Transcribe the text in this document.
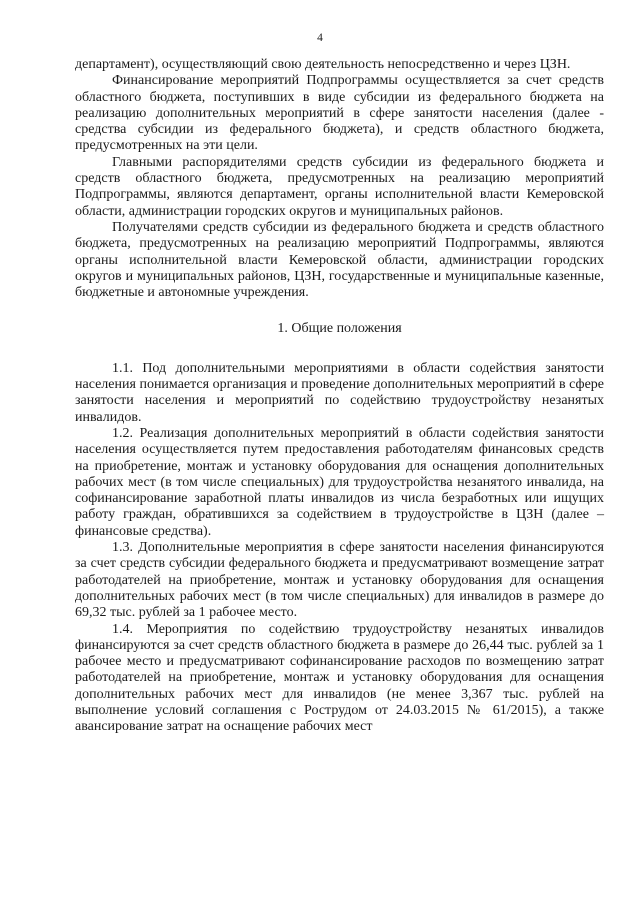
4

департамент), осуществляющий свою деятельность непосредственно и через ЦЗН.

Финансирование мероприятий Подпрограммы осуществляется за счет средств областного бюджета, поступивших в виде субсидии из федерального бюджета на реализацию дополнительных мероприятий в сфере занятости населения (далее - средства субсидии из федерального бюджета), и средств областного бюджета, предусмотренных на эти цели.

Главными распорядителями средств субсидии из федерального бюджета и средств областного бюджета, предусмотренных на реализацию мероприятий Подпрограммы, являются департамент, органы исполнительной власти Кемеровской области, администрации городских округов и муниципальных районов.

Получателями средств субсидии из федерального бюджета и средств областного бюджета, предусмотренных на реализацию мероприятий Подпрограммы, являются органы исполнительной власти Кемеровской области, администрации городских округов и муниципальных районов, ЦЗН, государственные и муниципальные казенные, бюджетные и автономные учреждения.

1. Общие положения

1.1. Под дополнительными мероприятиями в области содействия занятости населения понимается организация и проведение дополнительных мероприятий в сфере занятости населения и мероприятий по содействию трудоустройству незанятых инвалидов.

1.2. Реализация дополнительных мероприятий в области содействия занятости населения осуществляется путем предоставления работодателям финансовых средств на приобретение, монтаж и установку оборудования для оснащения дополнительных рабочих мест (в том числе специальных) для трудоустройства незанятого инвалида, на софинансирование заработной платы инвалидов из числа безработных или ищущих работу граждан, обратившихся за содействием в трудоустройстве в ЦЗН (далее – финансовые средства).

1.3. Дополнительные мероприятия в сфере занятости населения финансируются за счет средств субсидии федерального бюджета и предусматривают возмещение затрат работодателей на приобретение, монтаж и установку оборудования для оснащения дополнительных рабочих мест (в том числе специальных) для инвалидов в размере до 69,32 тыс. рублей за 1 рабочее место.

1.4. Мероприятия по содействию трудоустройству незанятых инвалидов финансируются за счет средств областного бюджета в размере до 26,44 тыс. рублей за 1 рабочее место и предусматривают софинансирование расходов по возмещению затрат работодателей на приобретение, монтаж и установку оборудования для оснащения дополнительных рабочих мест для инвалидов (не менее 3,367 тыс. рублей на выполнение условий соглашения с Рострудом от 24.03.2015 № 61/2015), а также авансирование затрат на оснащение рабочих мест
